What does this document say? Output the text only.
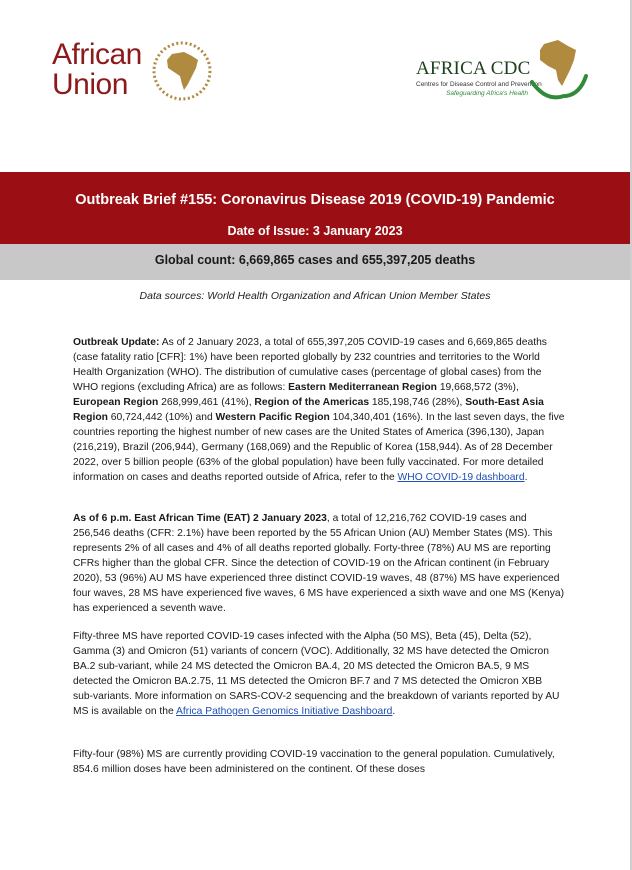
African
Union	AFRICA CDC
Centres for Disease Control and Prevention
Safeguarding Africa's Health
Outbreak Brief #155: Coronavirus Disease 2019 (COVID-19) Pandemic
Date of Issue: 3 January 2023
Global count: 6,669,865 cases and 655,397,205 deaths
Data sources: World Health Organization and African Union Member States

Outbreak Update: As of 2 January 2023, a total of 655,397,205 COVID-19 cases and 6,669,865 deaths (case fatality ratio [CFR]: 1%) have been reported globally by 232 countries and territories to the World Health Organization (WHO). The distribution of cumulative cases (percentage of global cases) from the WHO regions (excluding Africa) are as follows: Eastern Mediterranean Region 19,668,572 (3%), European Region 268,999,461 (41%), Region of the Americas 185,198,746 (28%), South-East Asia Region 60,724,442 (10%) and Western Pacific Region 104,340,401 (16%). In the last seven days, the five countries reporting the highest number of new cases are the United States of America (396,130), Japan (216,219), Brazil (206,944), Germany (168,069) and the Republic of Korea (158,944). As of 28 December 2022, over 5 billion people (63% of the global population) have been fully vaccinated. For more detailed information on cases and deaths reported outside of Africa, refer to the WHO COVID-19 dashboard.

As of 6 p.m. East African Time (EAT) 2 January 2023, a total of 12,216,762 COVID-19 cases and 256,546 deaths (CFR: 2.1%) have been reported by the 55 African Union (AU) Member States (MS). This represents 2% of all cases and 4% of all deaths reported globally. Forty-three (78%) AU MS are reporting CFRs higher than the global CFR. Since the detection of COVID-19 on the African continent (in February 2020), 53 (96%) AU MS have experienced three distinct COVID-19 waves, 48 (87%) MS have experienced four waves, 28 MS have experienced five waves, 6 MS have experienced a sixth wave and one MS (Kenya) has experienced a seventh wave.

Fifty-three MS have reported COVID-19 cases infected with the Alpha (50 MS), Beta (45), Delta (52), Gamma (3) and Omicron (51) variants of concern (VOC). Additionally, 32 MS have detected the Omicron BA.2 sub-variant, while 24 MS detected the Omicron BA.4, 20 MS detected the Omicron BA.5, 9 MS detected the Omicron BA.2.75, 11 MS detected the Omicron BF.7 and 7 MS detected the Omicron XBB sub-variants. More information on SARS-COV-2 sequencing and the breakdown of variants reported by AU MS is available on the Africa Pathogen Genomics Initiative Dashboard.

Fifty-four (98%) MS are currently providing COVID-19 vaccination to the general population. Cumulatively, 854.6 million doses have been administered on the continent. Of these doses
